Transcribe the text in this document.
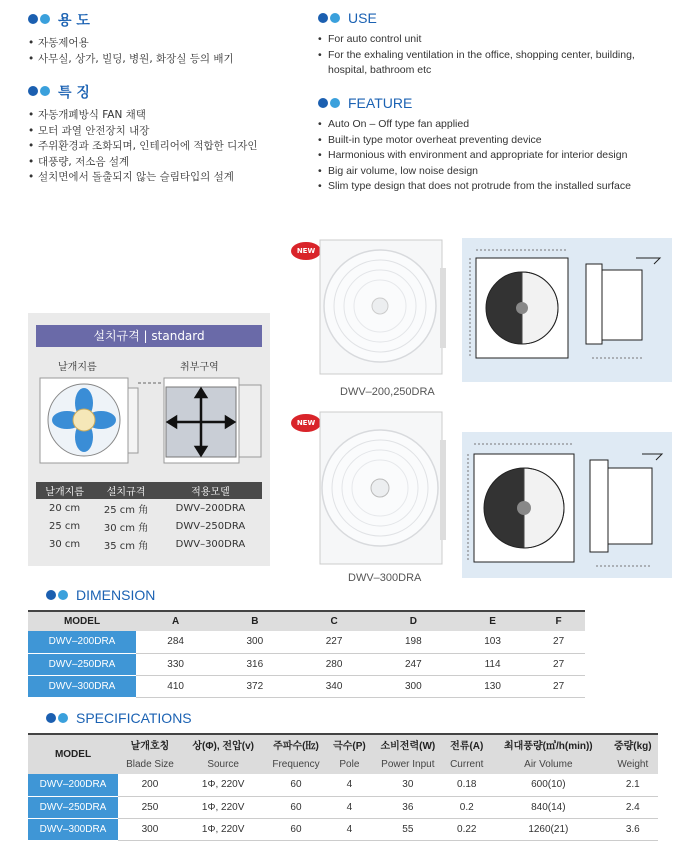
용 도
• 자동제어용
• 사무실, 상가, 빌딩, 병원, 화장실 등의 배기
특 징
• 자동개폐방식 FAN 채택
• 모터 과열 안전장치 내장
• 주위환경과 조화되며, 인테리어에 적합한 디자인
• 대풍량, 저소음 설계
• 설치면에서 돌출되지 않는 슬림타입의 설계
USE
• For auto control unit
• For the exhaling ventilation in the office, shopping center, building, hospital, bathroom etc
FEATURE
• Auto On – Off type fan applied
• Built-in type motor overheat preventing device
• Harmonious with environment and appropriate for interior design
• Big air volume, low noise design
• Slim type design that does not protrude from the installed surface
설치규격 | standard
날개지름	취부구역
날개지름	설치규격	적용모델
20 cm	25 cm 角	DWV–200DRA
25 cm	30 cm 角	DWV–250DRA
30 cm	35 cm 角	DWV–300DRA
NEW
DWV–200,250DRA
NEW
DWV–300DRA
DIMENSION
MODEL	A	B	C	D	E	F
DWV–200DRA	284	300	227	198	103	27
DWV–250DRA	330	316	280	247	114	27
DWV–300DRA	410	372	340	300	130	27
SPECIFICATIONS
MODEL	날개호칭	상(Φ), 전압(v)	주파수(㎐)	극수(P)	소비전력(W)	전류(A)	최대풍량(㎥/h(min))	중량(kg)
	Blade Size	Source	Frequency	Pole	Power Input	Current	Air Volume	Weight
DWV–200DRA	200	1Φ, 220V	60	4	30	0.18	600(10)	2.1
DWV–250DRA	250	1Φ, 220V	60	4	36	0.2	840(14)	2.4
DWV–300DRA	300	1Φ, 220V	60	4	55	0.22	1260(21)	3.6
